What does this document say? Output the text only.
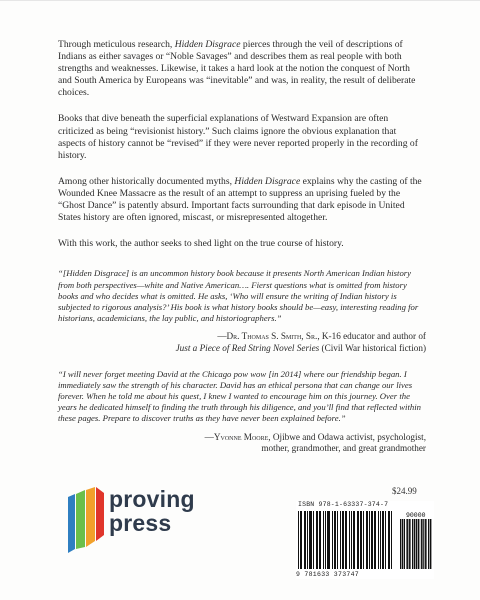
Through meticulous research, Hidden Disgrace pierces through the veil of descriptions of Indians as either savages or “Noble Savages” and describes them as real people with both strengths and weaknesses. Likewise, it takes a hard look at the notion the conquest of North and South America by Europeans was “inevitable” and was, in reality, the result of deliberate choices.

Books that dive beneath the superficial explanations of Westward Expansion are often criticized as being “revisionist history.” Such claims ignore the obvious explanation that aspects of history cannot be “revised” if they were never reported properly in the recording of history.

Among other historically documented myths, Hidden Disgrace explains why the casting of the Wounded Knee Massacre as the result of an attempt to suppress an uprising fueled by the “Ghost Dance” is patently absurd. Important facts surrounding that dark episode in United States history are often ignored, miscast, or misrepresented altogether.

With this work, the author seeks to shed light on the true course of history.

“[Hidden Disgrace] is an uncommon history book because it presents North American Indian history from both perspectives—white and Native American…. Fierst questions what is omitted from history books and who decides what is omitted. He asks, ‘Who will ensure the writing of Indian history is subjected to rigorous analysis?’ His book is what history books should be—easy, interesting reading for historians, academicians, the lay public, and historiographers.”

—Dr. Thomas S. Smith, Sr., K-16 educator and author of
Just a Piece of Red String Novel Series (Civil War historical fiction)

“I will never forget meeting David at the Chicago pow wow [in 2014] where our friendship began. I immediately saw the strength of his character. David has an ethical persona that can change our lives forever. When he told me about his quest, I knew I wanted to encourage him on this journey. Over the years he dedicated himself to finding the truth through his diligence, and you’ll find that reflected within these pages. Prepare to discover truths as they have never been explained before.”

—Yvonne Moore, Ojibwe and Odawa activist, psychologist,
mother, grandmother, and great grandmother

proving
press
$24.99
ISBN 978-1-63337-374-7
90000
9 781633 373747
